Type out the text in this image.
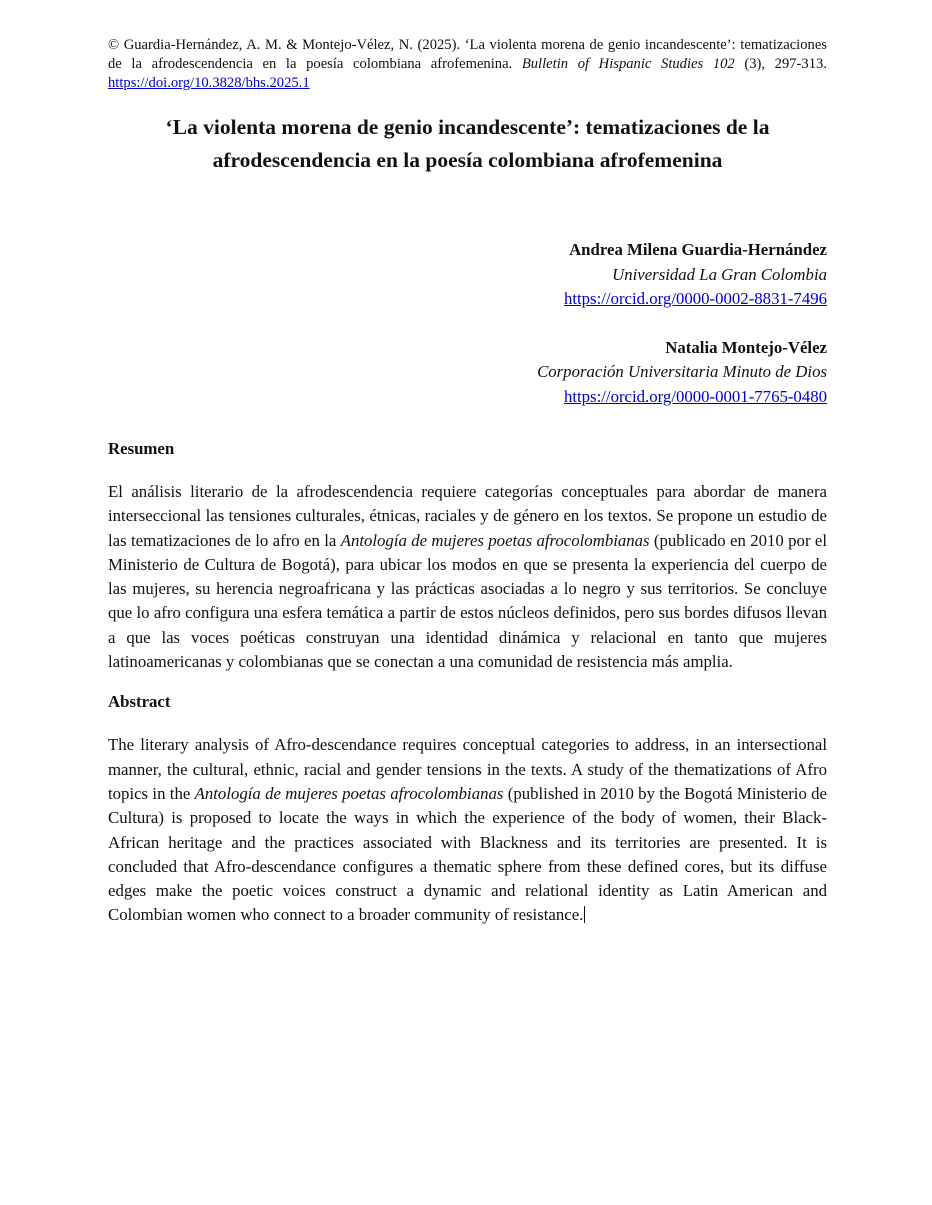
© Guardia-Hernández, A. M. & Montejo-Vélez, N. (2025). ‘La violenta morena de genio incandescente’: tematizaciones de la afrodescendencia en la poesía colombiana afrofemenina. Bulletin of Hispanic Studies 102 (3), 297-313. https://doi.org/10.3828/bhs.2025.1

‘La violenta morena de genio incandescente’: tematizaciones de la
afrodescendencia en la poesía colombiana afrofemenina
Andrea Milena Guardia-Hernández
Universidad La Gran Colombia
https://orcid.org/0000-0002-8831-7496
Natalia Montejo-Vélez
Corporación Universitaria Minuto de Dios
https://orcid.org/0000-0001-7765-0480
Resumen

El análisis literario de la afrodescendencia requiere categorías conceptuales para abordar de manera interseccional las tensiones culturales, étnicas, raciales y de género en los textos. Se propone un estudio de las tematizaciones de lo afro en la Antología de mujeres poetas afrocolombianas (publicado en 2010 por el Ministerio de Cultura de Bogotá), para ubicar los modos en que se presenta la experiencia del cuerpo de las mujeres, su herencia negroafricana y las prácticas asociadas a lo negro y sus territorios. Se concluye que lo afro configura una esfera temática a partir de estos núcleos definidos, pero sus bordes difusos llevan a que las voces poéticas construyan una identidad dinámica y relacional en tanto que mujeres latinoamericanas y colombianas que se conectan a una comunidad de resistencia más amplia.

Abstract

The literary analysis of Afro-descendance requires conceptual categories to address, in an intersectional manner, the cultural, ethnic, racial and gender tensions in the texts. A study of the thematizations of Afro topics in the Antología de mujeres poetas afrocolombianas (published in 2010 by the Bogotá Ministerio de Cultura) is proposed to locate the ways in which the experience of the body of women, their Black- African heritage and the practices associated with Blackness and its territories are presented. It is concluded that Afro-descendance configures a thematic sphere from these defined cores, but its diffuse edges make the poetic voices construct a dynamic and relational identity as Latin American and Colombian women who connect to a broader community of resistance.
